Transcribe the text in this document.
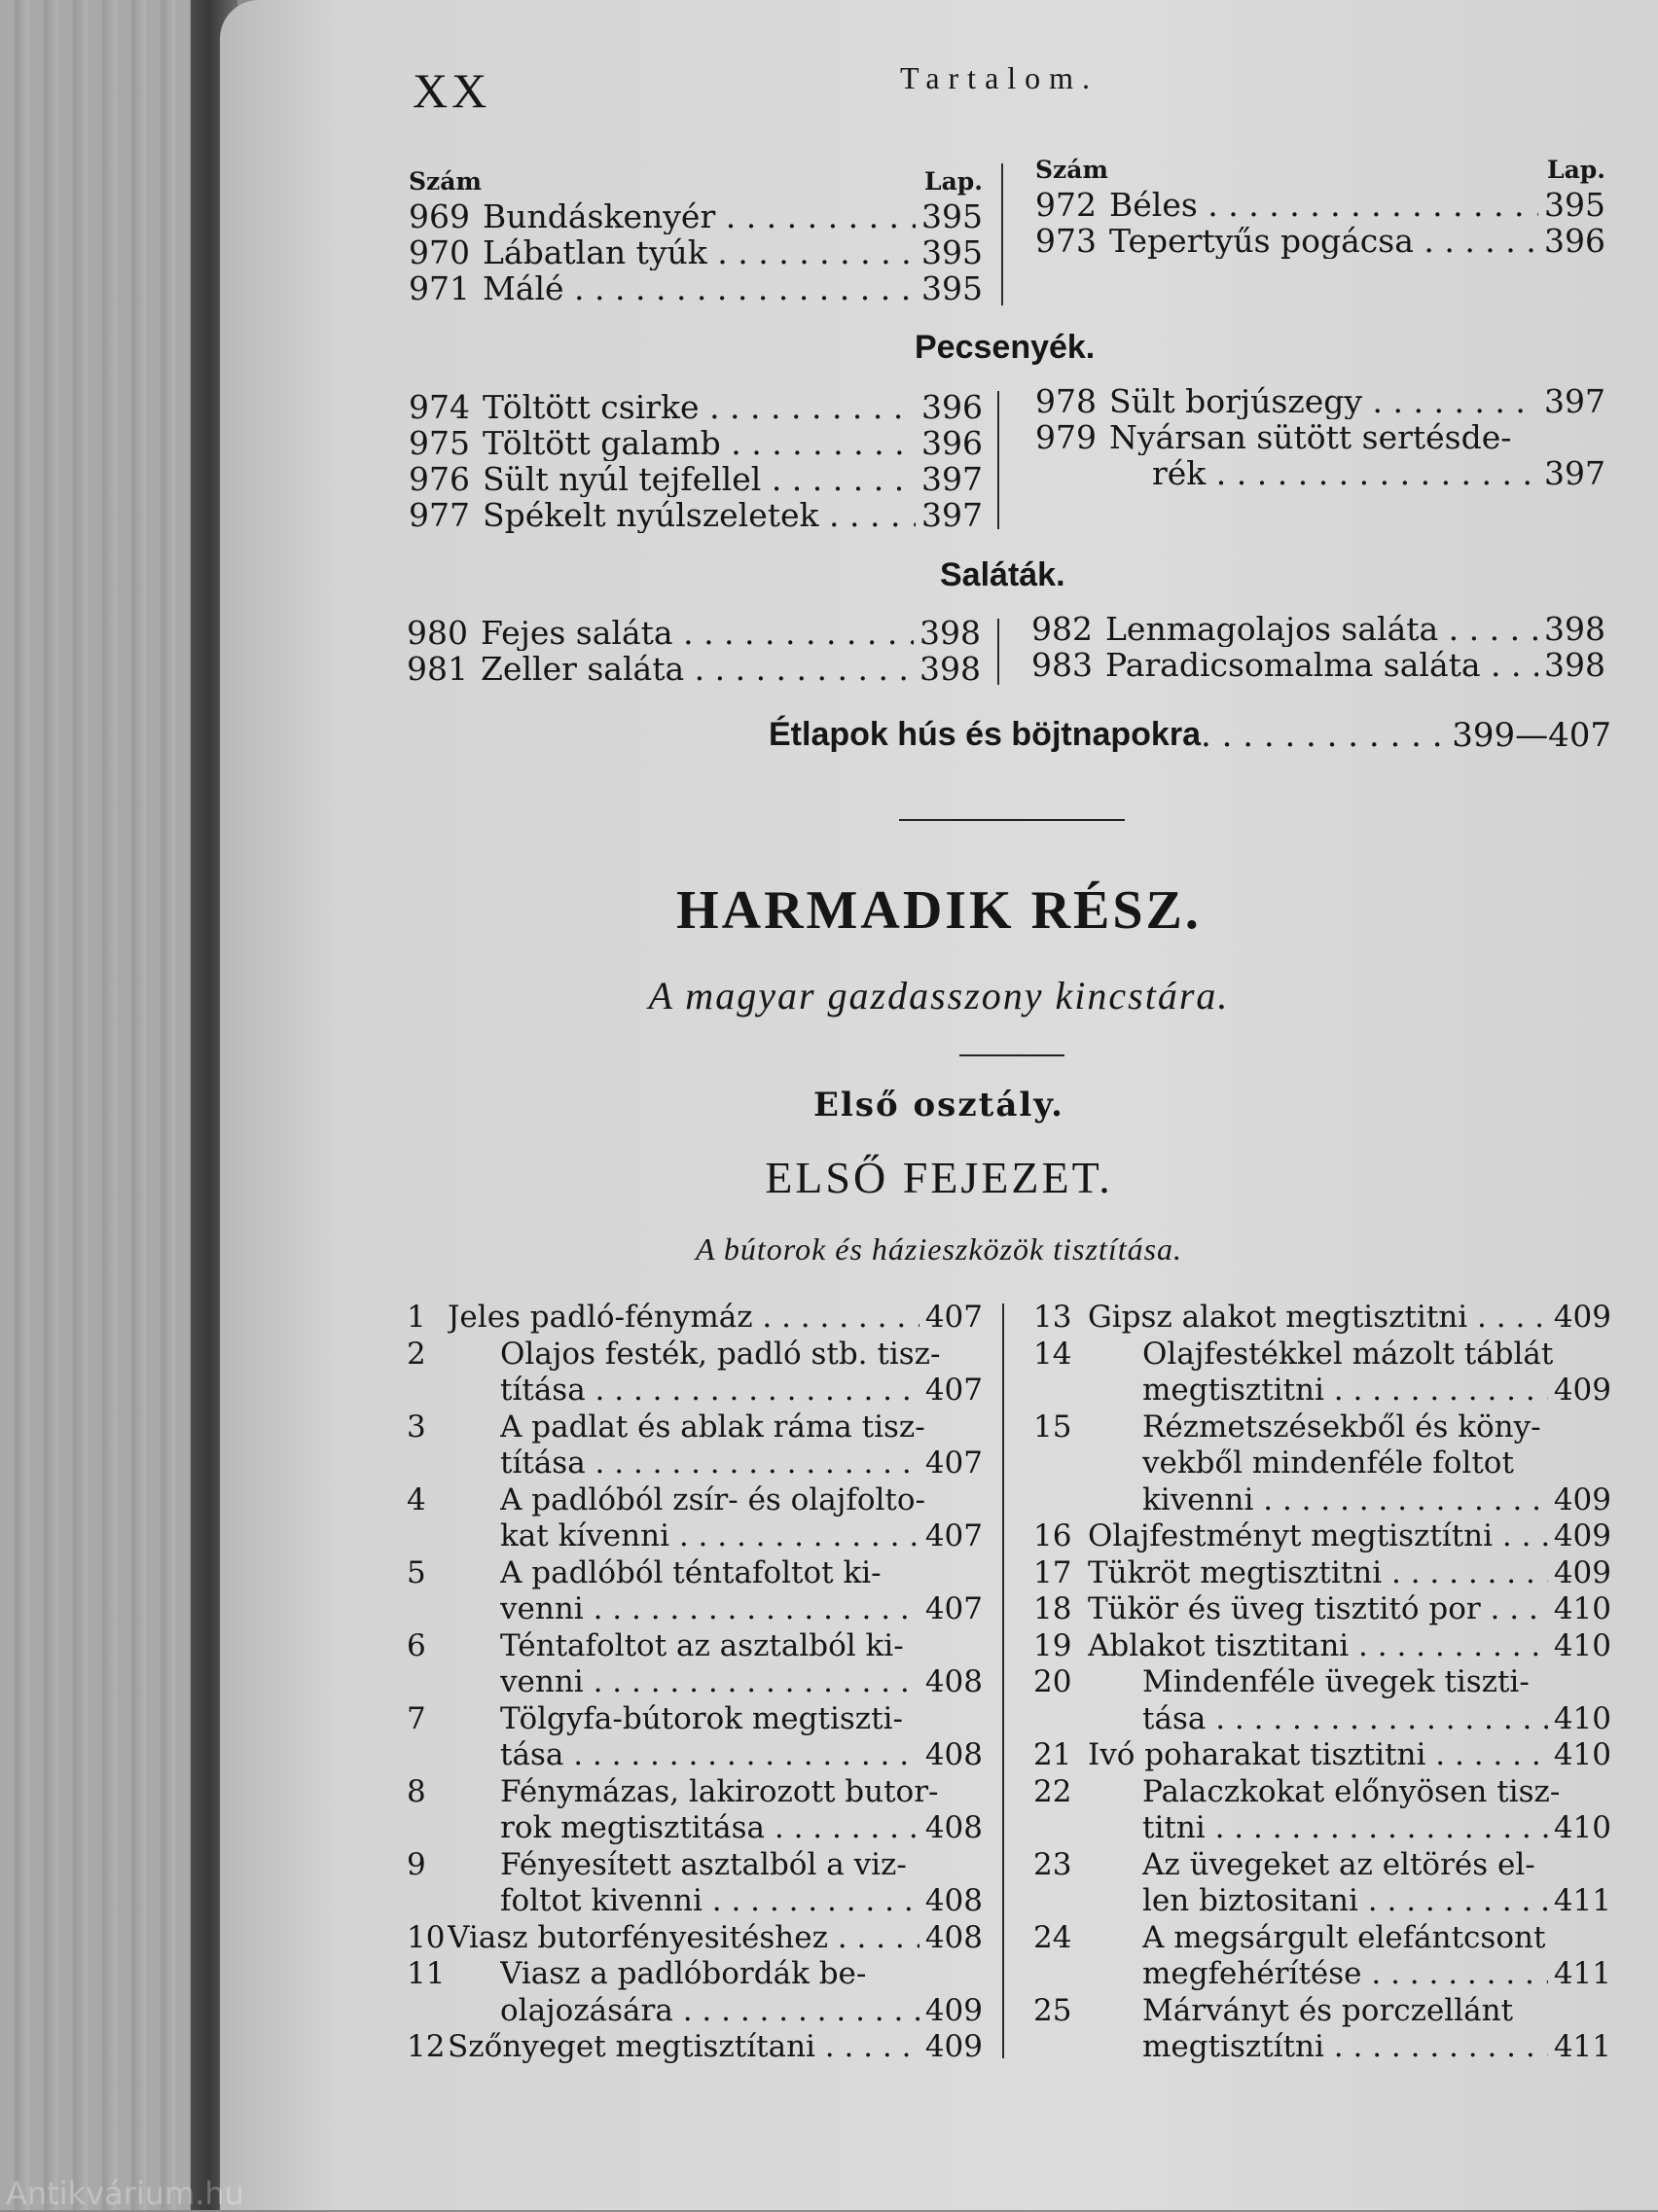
Antikvárium.hu
XX	Tartalom.
Szám	Lap.
969 Bundáskenyér . . .	395
970 Lábatlan tyúk . . .	395
971 Málé . . .	395
Szám	Lap.
972 Béles . . .	395
973 Tepertyűs pogácsa . . .	396
Pecsenyék.
974 Töltött csirke . . .	396
975 Töltött galamb . . .	396
976 Sült nyúl tejfellel . . .	397
977 Spékelt nyúlszeletek . . .	397
978 Sült borjúszegy . . .	397
979 Nyársan sütött sertésde-
rék . . .	397
Saláták.
980 Fejes saláta . . .	398
981 Zeller saláta . . .	398
982 Lenmagolajos saláta . . .	398
983 Paradicsomalma saláta . . .	398
Étlapok hús és böjtnapokra . . .	399—407
HARMADIK RÉSZ.
A magyar gazdasszony kincstára.
Első osztály.
ELSŐ FEJEZET.
A bútorok és házieszközök tisztítása.
1 Jeles padló-fénymáz . . .	407
2	Olajos festék, padló stb. tisz-
títása . . .	407
3	A padlat és ablak ráma tisz-
títása . . .	407
4	A padlóból zsír- és olajfolto-
kat kívenni . . .	407
5	A padlóból téntafoltot ki-
venni . . .	407
6	Téntafoltot az asztalból ki-
venni . . .	408
7	Tölgyfa-bútorok megtiszti-
tása . . .	408
8	Fénymázas, lakirozott butor-
rok megtisztitása . . .	408
9	Fényesített asztalból a viz-
foltot kivenni . . .	408
10 Viasz butorfényesitéshez . . .	408
11	Viasz a padlóbordák be-
olajozására . . .	409
12 Szőnyeget megtisztítani . . .	409
13 Gipsz alakot megtisztitni . . .	409
14	Olajfestékkel mázolt táblát
megtisztitni . . .	409
15	Rézmetszésekből és köny-
vekből mindenféle foltot
kivenni . . .	409
16 Olajfestményt megtisztítni . . .	409
17 Tükröt megtisztitni . . .	409
18 Tükör és üveg tisztitó por . . .	410
19 Ablakot tisztitani . . .	410
20	Mindenféle üvegek tiszti-
tása . . .	410
21 Ivó poharakat tisztitni . . .	410
22	Palaczkokat előnyösen tisz-
titni . . .	410
23	Az üvegeket az eltörés el-
len biztositani . . .	411
24	A megsárgult elefántcsont
megfehérítése . . .	411
25	Márványt és porczellánt
megtisztítni . . .	411
